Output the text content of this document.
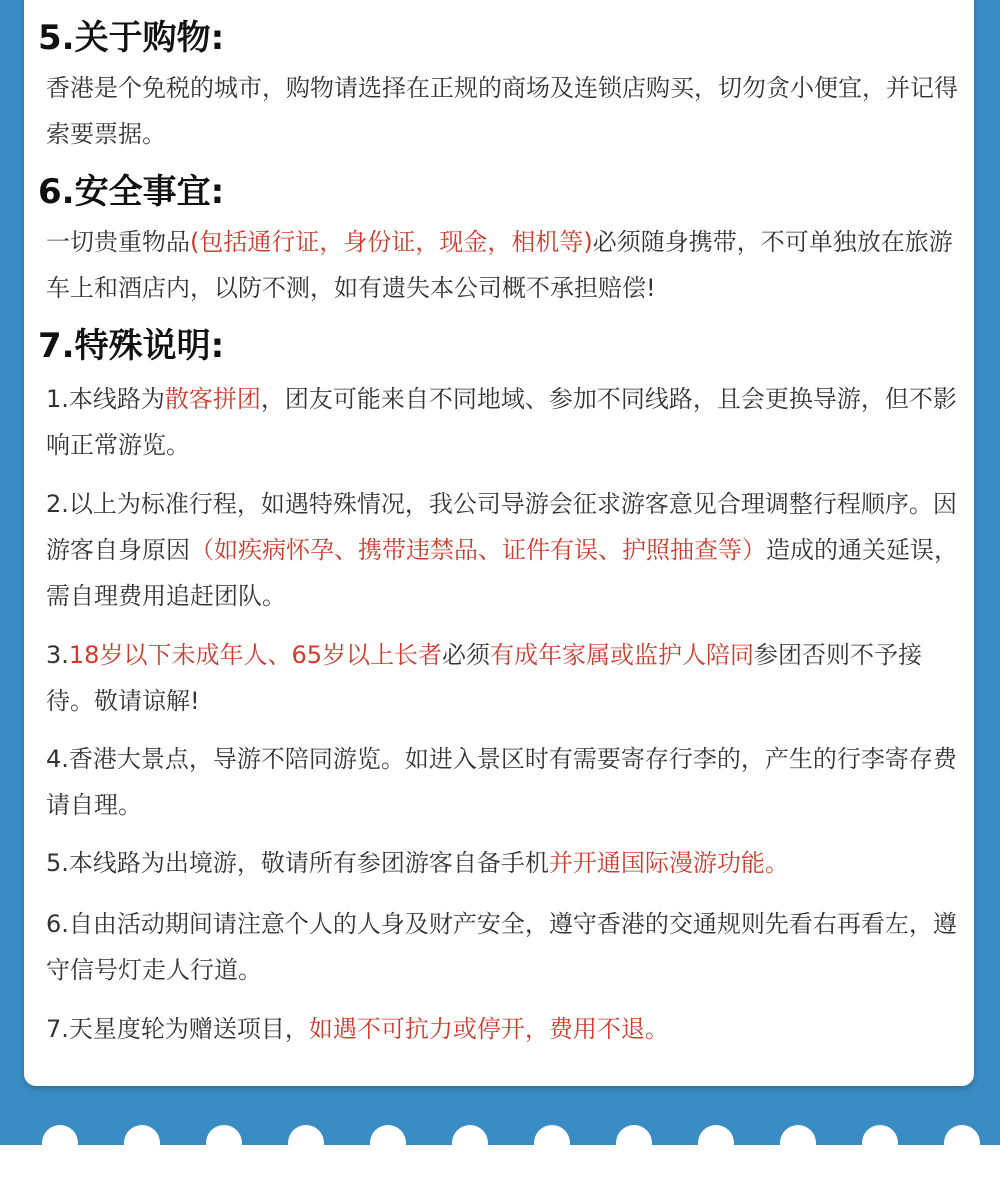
5.关于购物:

香港是个免税的城市，购物请选择在正规的商场及连锁店购买，切勿贪小便宜，并记得索要票据。

6.安全事宜:

一切贵重物品(包括通行证，身份证，现金，相机等)必须随身携带，不可单独放在旅游车上和酒店内，以防不测，如有遗失本公司概不承担赔偿!

7.特殊说明:

1.本线路为散客拼团，团友可能来自不同地域、参加不同线路，且会更换导游，但不影响正常游览。

2.以上为标准行程，如遇特殊情况，我公司导游会征求游客意见合理调整行程顺序。因游客自身原因（如疾病怀孕、携带违禁品、证件有误、护照抽查等）造成的通关延误，需自理费用追赶团队。

3.18岁以下未成年人、65岁以上长者必须有成年家属或监护人陪同参团否则不予接待。敬请谅解!

4.香港大景点，导游不陪同游览。如进入景区时有需要寄存行李的，产生的行李寄存费请自理。

5.本线路为出境游，敬请所有参团游客自备手机并开通国际漫游功能。

6.自由活动期间请注意个人的人身及财产安全，遵守香港的交通规则先看右再看左，遵守信号灯走人行道。

7.天星度轮为赠送项目，如遇不可抗力或停开，费用不退。
